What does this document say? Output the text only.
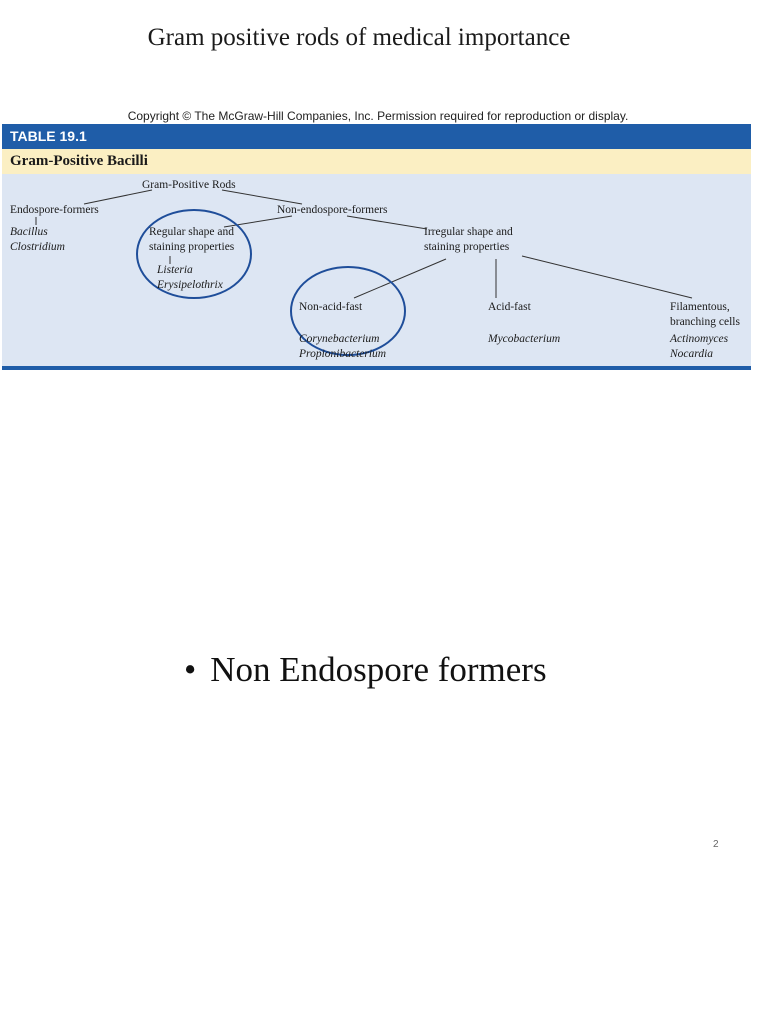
Gram positive rods of medical importance
Copyright © The McGraw-Hill Companies, Inc. Permission required for reproduction or display.
TABLE 19.1
Gram-Positive Bacilli
Gram-Positive Rods
Endospore-formers
Bacillus
Clostridium
Non-endospore-formers
Regular shape and
staining properties
Listeria
Erysipelothrix
Irregular shape and
staining properties
Non-acid-fast
Corynebacterium
Propionibacterium
Acid-fast
Mycobacterium
Filamentous,
branching cells
Actinomyces
Nocardia
• Non Endospore formers
2
